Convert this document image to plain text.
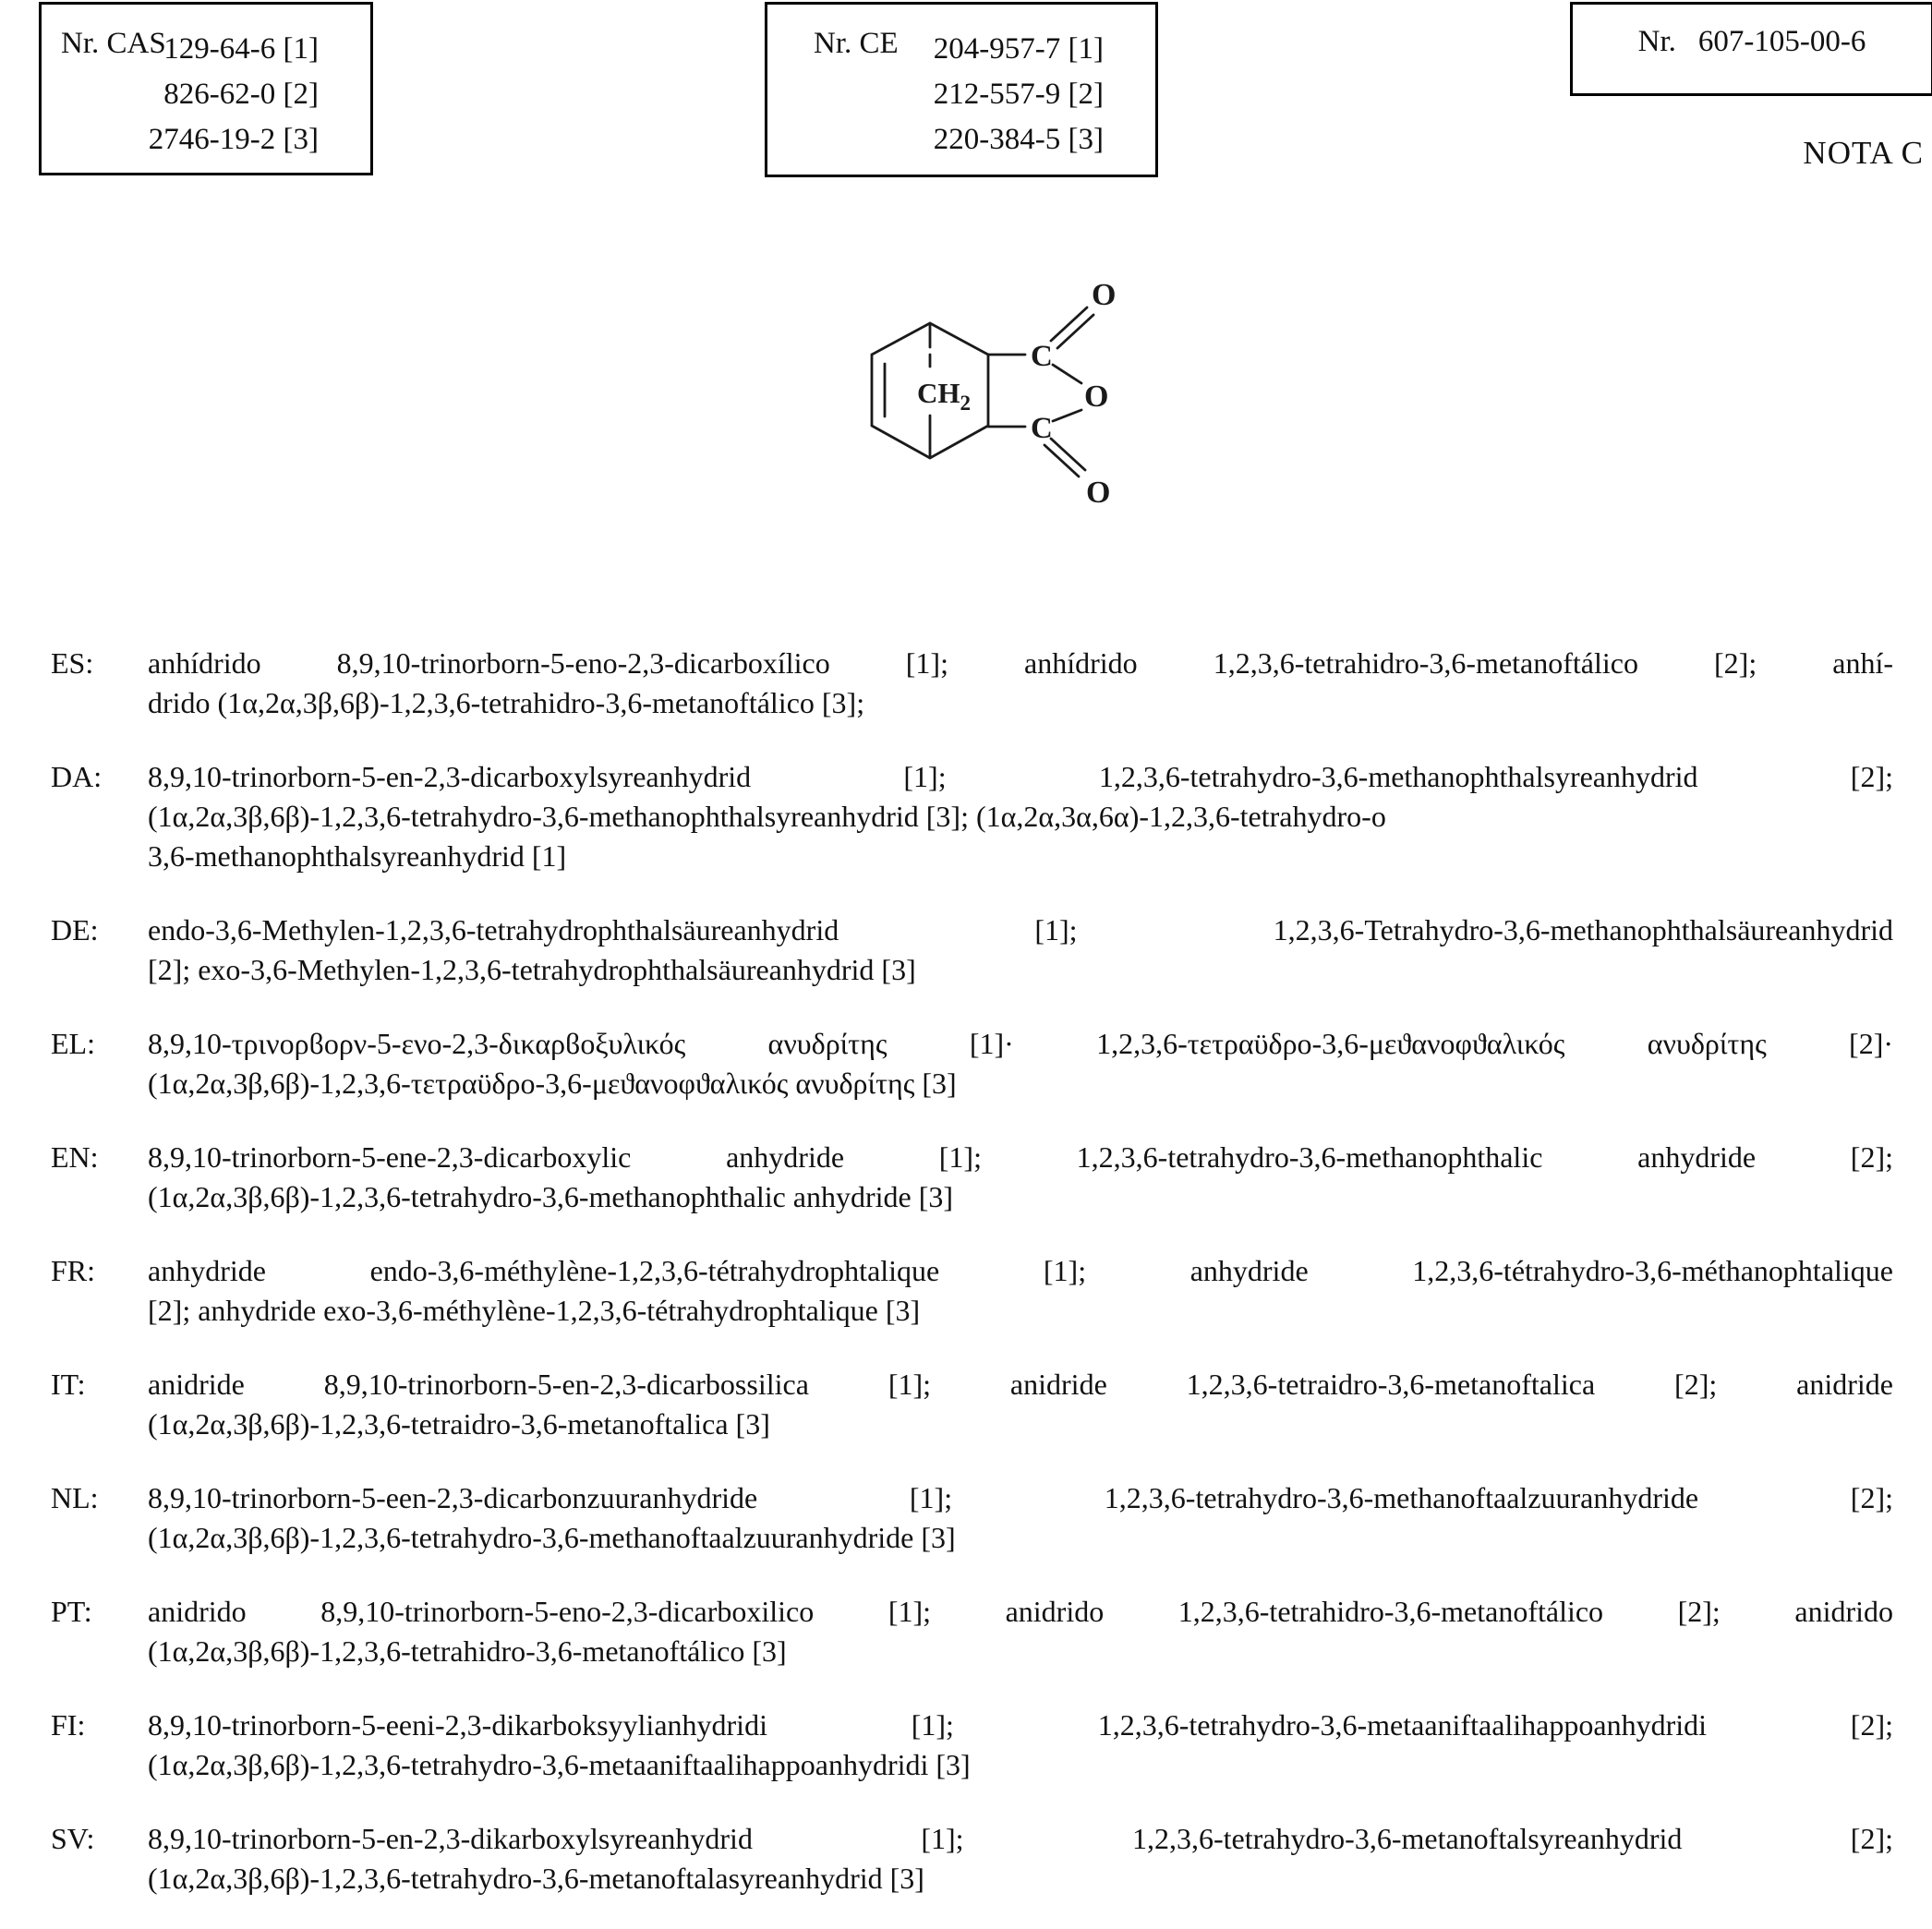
Nr. CAS
129-64-6 [1]
826-62-0 [2]
2746-19-2 [3]
Nr. CE 204-957-7 [1]
212-557-9 [2]
220-384-5 [3]
Nr. 607-105-00-6
NOTA C
$CH_2$
C
O
O
C
O
ES:	anhídrido 8,9,10-trinorborn-5-eno-2,3-dicarboxílico [1]; anhídrido 1,2,3,6-tetrahidro-3,6-metanoftálico [2]; anhí-
drido (1α,2α,3β,6β)-1,2,3,6-tetrahidro-3,6-metanoftálico [3];
DA:	8,9,10-trinorborn-5-en-2,3-dicarboxylsyreanhydrid [1]; 1,2,3,6-tetrahydro-3,6-methanophthalsyreanhydrid [2];
(1α,2α,3β,6β)-1,2,3,6-tetrahydro-3,6-methanophthalsyreanhydrid [3]; (1α,2α,3α,6α)-1,2,3,6-tetrahydro-o
3,6-methanophthalsyreanhydrid [1]
DE:	endo-3,6-Methylen-1,2,3,6-tetrahydrophthalsäureanhydrid [1]; 1,2,3,6-Tetrahydro-3,6-methanophthalsäureanhydrid
[2]; exo-3,6-Methylen-1,2,3,6-tetrahydrophthalsäureanhydrid [3]
EL:	8,9,10-τρινορϐορν-5-ενο-2,3-δικαρϐοξυλικός ανυδρίτης [1]· 1,2,3,6-τετραϋδρο-3,6-μεϑανοφϑαλικός ανυδρίτης [2]·
(1α,2α,3β,6β)-1,2,3,6-τετραϋδρο-3,6-μεϑανοφϑαλικός ανυδρίτης [3]
EN:	8,9,10-trinorborn-5-ene-2,3-dicarboxylic anhydride [1]; 1,2,3,6-tetrahydro-3,6-methanophthalic anhydride [2];
(1α,2α,3β,6β)-1,2,3,6-tetrahydro-3,6-methanophthalic anhydride [3]
FR:	anhydride endo-3,6-méthylène-1,2,3,6-tétrahydrophtalique [1]; anhydride 1,2,3,6-tétrahydro-3,6-méthanophtalique
[2]; anhydride exo-3,6-méthylène-1,2,3,6-tétrahydrophtalique [3]
IT:	anidride 8,9,10-trinorborn-5-en-2,3-dicarbossilica [1]; anidride 1,2,3,6-tetraidro-3,6-metanoftalica [2]; anidride
(1α,2α,3β,6β)-1,2,3,6-tetraidro-3,6-metanoftalica [3]
NL:	8,9,10-trinorborn-5-een-2,3-dicarbonzuuranhydride [1]; 1,2,3,6-tetrahydro-3,6-methanoftaalzuuranhydride [2];
(1α,2α,3β,6β)-1,2,3,6-tetrahydro-3,6-methanoftaalzuuranhydride [3]
PT:	anidrido 8,9,10-trinorborn-5-eno-2,3-dicarboxilico [1]; anidrido 1,2,3,6-tetrahidro-3,6-metanoftálico [2]; anidrido
(1α,2α,3β,6β)-1,2,3,6-tetrahidro-3,6-metanoftálico [3]
FI:	8,9,10-trinorborn-5-eeni-2,3-dikarboksyylianhydridi [1]; 1,2,3,6-tetrahydro-3,6-metaaniftaalihappoanhydridi [2];
(1α,2α,3β,6β)-1,2,3,6-tetrahydro-3,6-metaaniftaalihappoanhydridi [3]
SV:	8,9,10-trinorborn-5-en-2,3-dikarboxylsyreanhydrid [1]; 1,2,3,6-tetrahydro-3,6-metanoftalsyreanhydrid [2];
(1α,2α,3β,6β)-1,2,3,6-tetrahydro-3,6-metanoftalasyreanhydrid [3]
